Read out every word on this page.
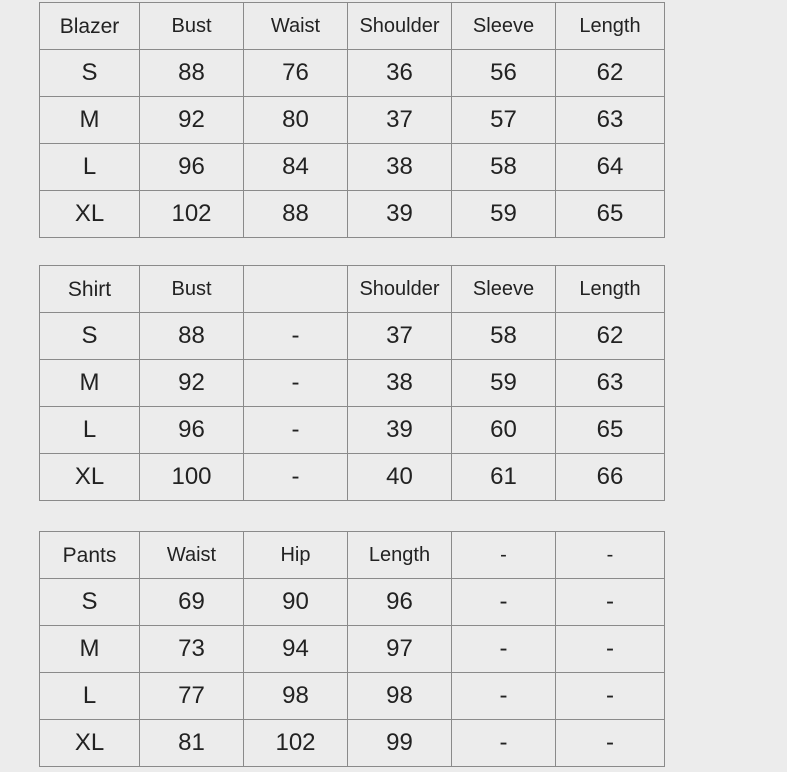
Blazer	Bust	Waist	Shoulder	Sleeve	Length
S	88	76	36	56	62
M	92	80	37	57	63
L	96	84	38	58	64
XL	102	88	39	59	65
Shirt	Bust		Shoulder	Sleeve	Length
S	88	-	37	58	62
M	92	-	38	59	63
L	96	-	39	60	65
XL	100	-	40	61	66
Pants	Waist	Hip	Length	-	-
S	69	90	96	-	-
M	73	94	97	-	-
L	77	98	98	-	-
XL	81	102	99	-	-
